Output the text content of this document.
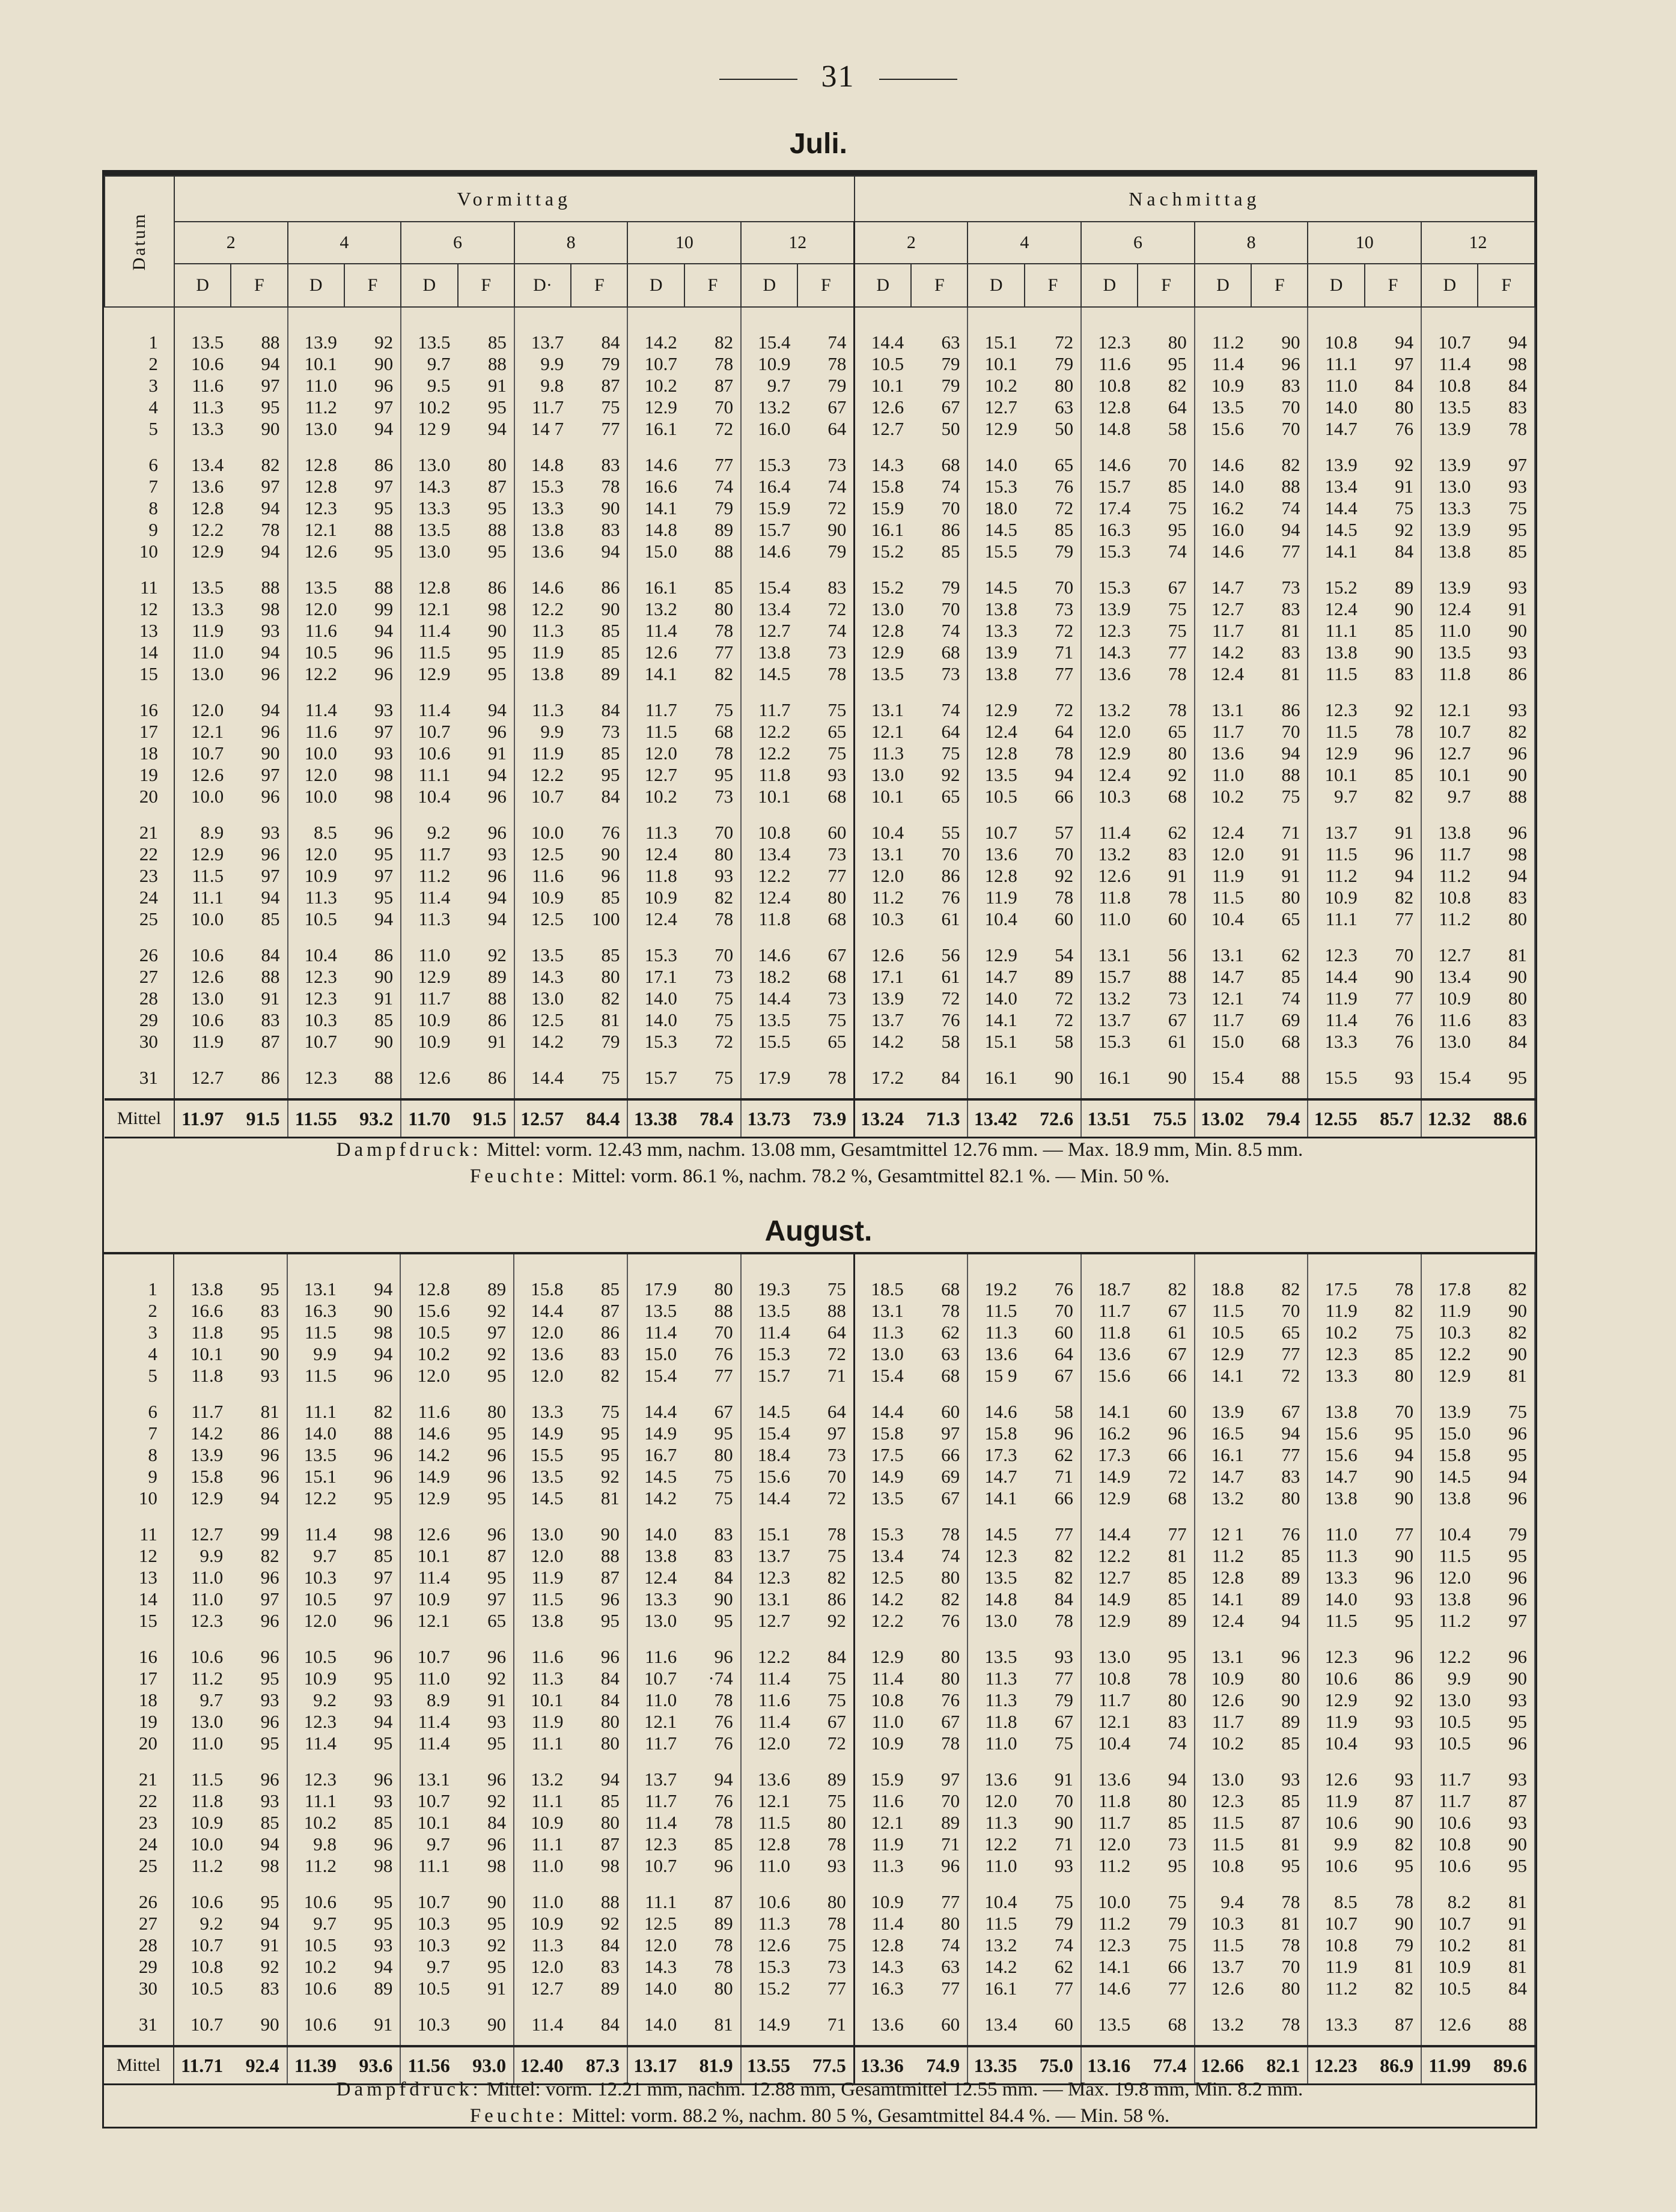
31
Juli.
Datum	Vormittag												Nachmittag											
	2		4		6		8		10		12		2		4		6		8		10		12	
	D	F	D	F	D	F	D·	F	D	F	D	F	D	F	D	F	D	F	D	F	D	F	D	F
1	13.5	88	13.9	92	13.5	85	13.7	84	14.2	82	15.4	74	14.4	63	15.1	72	12.3	80	11.2	90	10.8	94	10.7	94
2	10.6	94	10.1	90	9.7	88	9.9	79	10.7	78	10.9	78	10.5	79	10.1	79	11.6	95	11.4	96	11.1	97	11.4	98
3	11.6	97	11.0	96	9.5	91	9.8	87	10.2	87	9.7	79	10.1	79	10.2	80	10.8	82	10.9	83	11.0	84	10.8	84
4	11.3	95	11.2	97	10.2	95	11.7	75	12.9	70	13.2	67	12.6	67	12.7	63	12.8	64	13.5	70	14.0	80	13.5	83
5	13.3	90	13.0	94	12 9	94	14 7	77	16.1	72	16.0	64	12.7	50	12.9	50	14.8	58	15.6	70	14.7	76	13.9	78
6	13.4	82	12.8	86	13.0	80	14.8	83	14.6	77	15.3	73	14.3	68	14.0	65	14.6	70	14.6	82	13.9	92	13.9	97
7	13.6	97	12.8	97	14.3	87	15.3	78	16.6	74	16.4	74	15.8	74	15.3	76	15.7	85	14.0	88	13.4	91	13.0	93
8	12.8	94	12.3	95	13.3	95	13.3	90	14.1	79	15.9	72	15.9	70	18.0	72	17.4	75	16.2	74	14.4	75	13.3	75
9	12.2	78	12.1	88	13.5	88	13.8	83	14.8	89	15.7	90	16.1	86	14.5	85	16.3	95	16.0	94	14.5	92	13.9	95
10	12.9	94	12.6	95	13.0	95	13.6	94	15.0	88	14.6	79	15.2	85	15.5	79	15.3	74	14.6	77	14.1	84	13.8	85
11	13.5	88	13.5	88	12.8	86	14.6	86	16.1	85	15.4	83	15.2	79	14.5	70	15.3	67	14.7	73	15.2	89	13.9	93
12	13.3	98	12.0	99	12.1	98	12.2	90	13.2	80	13.4	72	13.0	70	13.8	73	13.9	75	12.7	83	12.4	90	12.4	91
13	11.9	93	11.6	94	11.4	90	11.3	85	11.4	78	12.7	74	12.8	74	13.3	72	12.3	75	11.7	81	11.1	85	11.0	90
14	11.0	94	10.5	96	11.5	95	11.9	85	12.6	77	13.8	73	12.9	68	13.9	71	14.3	77	14.2	83	13.8	90	13.5	93
15	13.0	96	12.2	96	12.9	95	13.8	89	14.1	82	14.5	78	13.5	73	13.8	77	13.6	78	12.4	81	11.5	83	11.8	86
16	12.0	94	11.4	93	11.4	94	11.3	84	11.7	75	11.7	75	13.1	74	12.9	72	13.2	78	13.1	86	12.3	92	12.1	93
17	12.1	96	11.6	97	10.7	96	9.9	73	11.5	68	12.2	65	12.1	64	12.4	64	12.0	65	11.7	70	11.5	78	10.7	82
18	10.7	90	10.0	93	10.6	91	11.9	85	12.0	78	12.2	75	11.3	75	12.8	78	12.9	80	13.6	94	12.9	96	12.7	96
19	12.6	97	12.0	98	11.1	94	12.2	95	12.7	95	11.8	93	13.0	92	13.5	94	12.4	92	11.0	88	10.1	85	10.1	90
20	10.0	96	10.0	98	10.4	96	10.7	84	10.2	73	10.1	68	10.1	65	10.5	66	10.3	68	10.2	75	9.7	82	9.7	88
21	8.9	93	8.5	96	9.2	96	10.0	76	11.3	70	10.8	60	10.4	55	10.7	57	11.4	62	12.4	71	13.7	91	13.8	96
22	12.9	96	12.0	95	11.7	93	12.5	90	12.4	80	13.4	73	13.1	70	13.6	70	13.2	83	12.0	91	11.5	96	11.7	98
23	11.5	97	10.9	97	11.2	96	11.6	96	11.8	93	12.2	77	12.0	86	12.8	92	12.6	91	11.9	91	11.2	94	11.2	94
24	11.1	94	11.3	95	11.4	94	10.9	85	10.9	82	12.4	80	11.2	76	11.9	78	11.8	78	11.5	80	10.9	82	10.8	83
25	10.0	85	10.5	94	11.3	94	12.5	100	12.4	78	11.8	68	10.3	61	10.4	60	11.0	60	10.4	65	11.1	77	11.2	80
26	10.6	84	10.4	86	11.0	92	13.5	85	15.3	70	14.6	67	12.6	56	12.9	54	13.1	56	13.1	62	12.3	70	12.7	81
27	12.6	88	12.3	90	12.9	89	14.3	80	17.1	73	18.2	68	17.1	61	14.7	89	15.7	88	14.7	85	14.4	90	13.4	90
28	13.0	91	12.3	91	11.7	88	13.0	82	14.0	75	14.4	73	13.9	72	14.0	72	13.2	73	12.1	74	11.9	77	10.9	80
29	10.6	83	10.3	85	10.9	86	12.5	81	14.0	75	13.5	75	13.7	76	14.1	72	13.7	67	11.7	69	11.4	76	11.6	83
30	11.9	87	10.7	90	10.9	91	14.2	79	15.3	72	15.5	65	14.2	58	15.1	58	15.3	61	15.0	68	13.3	76	13.0	84
31	12.7	86	12.3	88	12.6	86	14.4	75	15.7	75	17.9	78	17.2	84	16.1	90	16.1	90	15.4	88	15.5	93	15.4	95
Mittel	11.97	91.5	11.55	93.2	11.70	91.5	12.57	84.4	13.38	78.4	13.73	73.9	13.24	71.3	13.42	72.6	13.51	75.5	13.02	79.4	12.55	85.7	12.32	88.6
Dampfdruck: Mittel: vorm. 12.43 mm, nachm. 13.08 mm, Gesamtmittel 12.76 mm. — Max. 18.9 mm, Min. 8.5 mm.
Feuchte: Mittel: vorm. 86.1 %, nachm. 78.2 %, Gesamtmittel 82.1 %. — Min. 50 %.
1	13.8	95	13.1	94	12.8	89	15.8	85	17.9	80	19.3	75	18.5	68	19.2	76	18.7	82	18.8	82	17.5	78	17.8	82
2	16.6	83	16.3	90	15.6	92	14.4	87	13.5	88	13.5	88	13.1	78	11.5	70	11.7	67	11.5	70	11.9	82	11.9	90
3	11.8	95	11.5	98	10.5	97	12.0	86	11.4	70	11.4	64	11.3	62	11.3	60	11.8	61	10.5	65	10.2	75	10.3	82
4	10.1	90	9.9	94	10.2	92	13.6	83	15.0	76	15.3	72	13.0	63	13.6	64	13.6	67	12.9	77	12.3	85	12.2	90
5	11.8	93	11.5	96	12.0	95	12.0	82	15.4	77	15.7	71	15.4	68	15 9	67	15.6	66	14.1	72	13.3	80	12.9	81
6	11.7	81	11.1	82	11.6	80	13.3	75	14.4	67	14.5	64	14.4	60	14.6	58	14.1	60	13.9	67	13.8	70	13.9	75
7	14.2	86	14.0	88	14.6	95	14.9	95	14.9	95	15.4	97	15.8	97	15.8	96	16.2	96	16.5	94	15.6	95	15.0	96
8	13.9	96	13.5	96	14.2	96	15.5	95	16.7	80	18.4	73	17.5	66	17.3	62	17.3	66	16.1	77	15.6	94	15.8	95
9	15.8	96	15.1	96	14.9	96	13.5	92	14.5	75	15.6	70	14.9	69	14.7	71	14.9	72	14.7	83	14.7	90	14.5	94
10	12.9	94	12.2	95	12.9	95	14.5	81	14.2	75	14.4	72	13.5	67	14.1	66	12.9	68	13.2	80	13.8	90	13.8	96
11	12.7	99	11.4	98	12.6	96	13.0	90	14.0	83	15.1	78	15.3	78	14.5	77	14.4	77	12 1	76	11.0	77	10.4	79
12	9.9	82	9.7	85	10.1	87	12.0	88	13.8	83	13.7	75	13.4	74	12.3	82	12.2	81	11.2	85	11.3	90	11.5	95
13	11.0	96	10.3	97	11.4	95	11.9	87	12.4	84	12.3	82	12.5	80	13.5	82	12.7	85	12.8	89	13.3	96	12.0	96
14	11.0	97	10.5	97	10.9	97	11.5	96	13.3	90	13.1	86	14.2	82	14.8	84	14.9	85	14.1	89	14.0	93	13.8	96
15	12.3	96	12.0	96	12.1	65	13.8	95	13.0	95	12.7	92	12.2	76	13.0	78	12.9	89	12.4	94	11.5	95	11.2	97
16	10.6	96	10.5	96	10.7	96	11.6	96	11.6	96	12.2	84	12.9	80	13.5	93	13.0	95	13.1	96	12.3	96	12.2	96
17	11.2	95	10.9	95	11.0	92	11.3	84	10.7	·74	11.4	75	11.4	80	11.3	77	10.8	78	10.9	80	10.6	86	9.9	90
18	9.7	93	9.2	93	8.9	91	10.1	84	11.0	78	11.6	75	10.8	76	11.3	79	11.7	80	12.6	90	12.9	92	13.0	93
19	13.0	96	12.3	94	11.4	93	11.9	80	12.1	76	11.4	67	11.0	67	11.8	67	12.1	83	11.7	89	11.9	93	10.5	95
20	11.0	95	11.4	95	11.4	95	11.1	80	11.7	76	12.0	72	10.9	78	11.0	75	10.4	74	10.2	85	10.4	93	10.5	96
21	11.5	96	12.3	96	13.1	96	13.2	94	13.7	94	13.6	89	15.9	97	13.6	91	13.6	94	13.0	93	12.6	93	11.7	93
22	11.8	93	11.1	93	10.7	92	11.1	85	11.7	76	12.1	75	11.6	70	12.0	70	11.8	80	12.3	85	11.9	87	11.7	87
23	10.9	85	10.2	85	10.1	84	10.9	80	11.4	78	11.5	80	12.1	89	11.3	90	11.7	85	11.5	87	10.6	90	10.6	93
24	10.0	94	9.8	96	9.7	96	11.1	87	12.3	85	12.8	78	11.9	71	12.2	71	12.0	73	11.5	81	9.9	82	10.8	90
25	11.2	98	11.2	98	11.1	98	11.0	98	10.7	96	11.0	93	11.3	96	11.0	93	11.2	95	10.8	95	10.6	95	10.6	95
26	10.6	95	10.6	95	10.7	90	11.0	88	11.1	87	10.6	80	10.9	77	10.4	75	10.0	75	9.4	78	8.5	78	8.2	81
27	9.2	94	9.7	95	10.3	95	10.9	92	12.5	89	11.3	78	11.4	80	11.5	79	11.2	79	10.3	81	10.7	90	10.7	91
28	10.7	91	10.5	93	10.3	92	11.3	84	12.0	78	12.6	75	12.8	74	13.2	74	12.3	75	11.5	78	10.8	79	10.2	81
29	10.8	92	10.2	94	9.7	95	12.0	83	14.3	78	15.3	73	14.3	63	14.2	62	14.1	66	13.7	70	11.9	81	10.9	81
30	10.5	83	10.6	89	10.5	91	12.7	89	14.0	80	15.2	77	16.3	77	16.1	77	14.6	77	12.6	80	11.2	82	10.5	84
31	10.7	90	10.6	91	10.3	90	11.4	84	14.0	81	14.9	71	13.6	60	13.4	60	13.5	68	13.2	78	13.3	87	12.6	88
Mittel	11.71	92.4	11.39	93.6	11.56	93.0	12.40	87.3	13.17	81.9	13.55	77.5	13.36	74.9	13.35	75.0	13.16	77.4	12.66	82.1	12.23	86.9	11.99	89.6
August.
Dampfdruck: Mittel: vorm. 12.21 mm, nachm. 12.88 mm, Gesamtmittel 12.55 mm. — Max. 19.8 mm, Min. 8.2 mm.
Feuchte: Mittel: vorm. 88.2 %, nachm. 80 5 %, Gesamtmittel 84.4 %. — Min. 58 %.
